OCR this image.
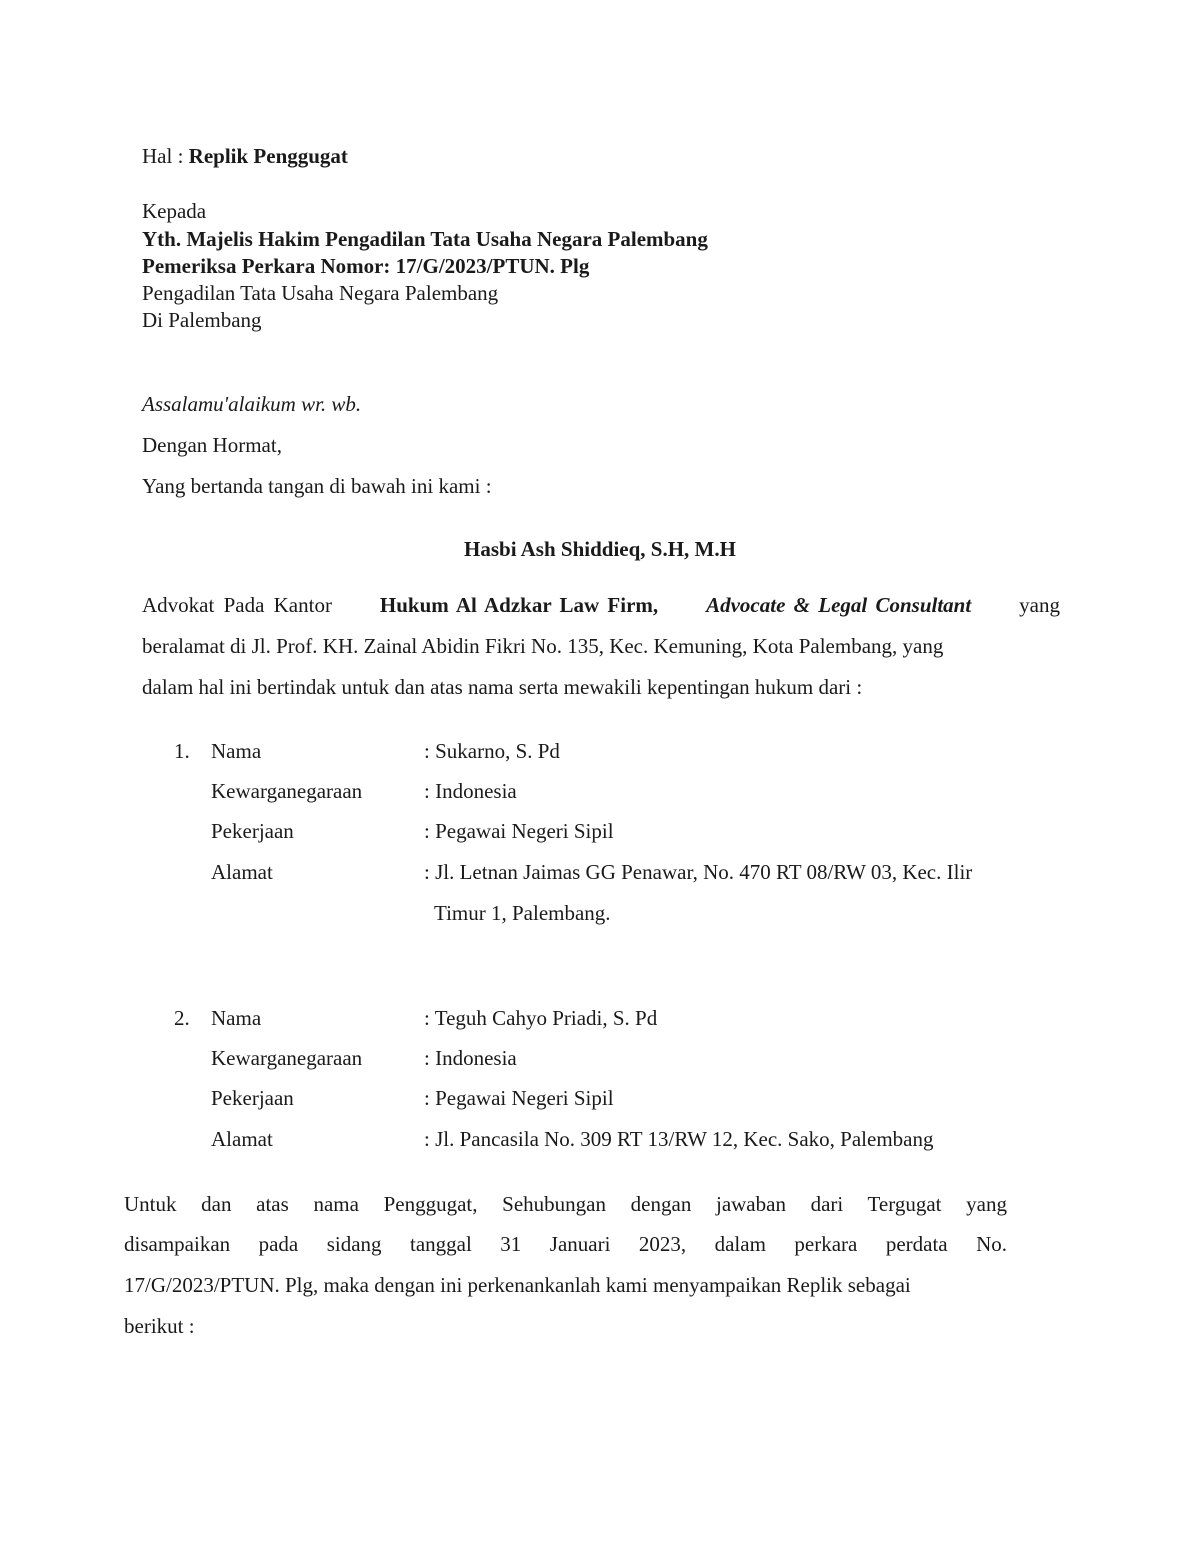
Hal : Replik Penggugat
Kepada
Yth. Majelis Hakim Pengadilan Tata Usaha Negara Palembang
Pemeriksa Perkara Nomor: 17/G/2023/PTUN. Plg
Pengadilan Tata Usaha Negara Palembang
Di Palembang
Assalamu'alaikum wr. wb.
Dengan Hormat,
Yang bertanda tangan di bawah ini kami :
Hasbi Ash Shiddieq, S.H, M.H
Advokat Pada Kantor Hukum Al Adzkar Law Firm, Advocate & Legal Consultant yang
beralamat di Jl. Prof. KH. Zainal Abidin Fikri No. 135, Kec. Kemuning, Kota Palembang, yang
dalam hal ini bertindak untuk dan atas nama serta mewakili kepentingan hukum dari :
1. Nama	: Sukarno, S. Pd
Kewarganegaraan	: Indonesia
Pekerjaan	: Pegawai Negeri Sipil
Alamat	: Jl. Letnan Jaimas GG Penawar, No. 470 RT 08/RW 03, Kec. Ilir
Timur 1, Palembang.
2. Nama	: Teguh Cahyo Priadi, S. Pd
Kewarganegaraan	: Indonesia
Pekerjaan	: Pegawai Negeri Sipil
Alamat	: Jl. Pancasila No. 309 RT 13/RW 12, Kec. Sako, Palembang
Untuk dan atas nama Penggugat, Sehubungan dengan jawaban dari Tergugat yang
disampaikan pada sidang tanggal 31 Januari 2023, dalam perkara perdata No.
17/G/2023/PTUN. Plg, maka dengan ini perkenankanlah kami menyampaikan Replik sebagai
berikut :
